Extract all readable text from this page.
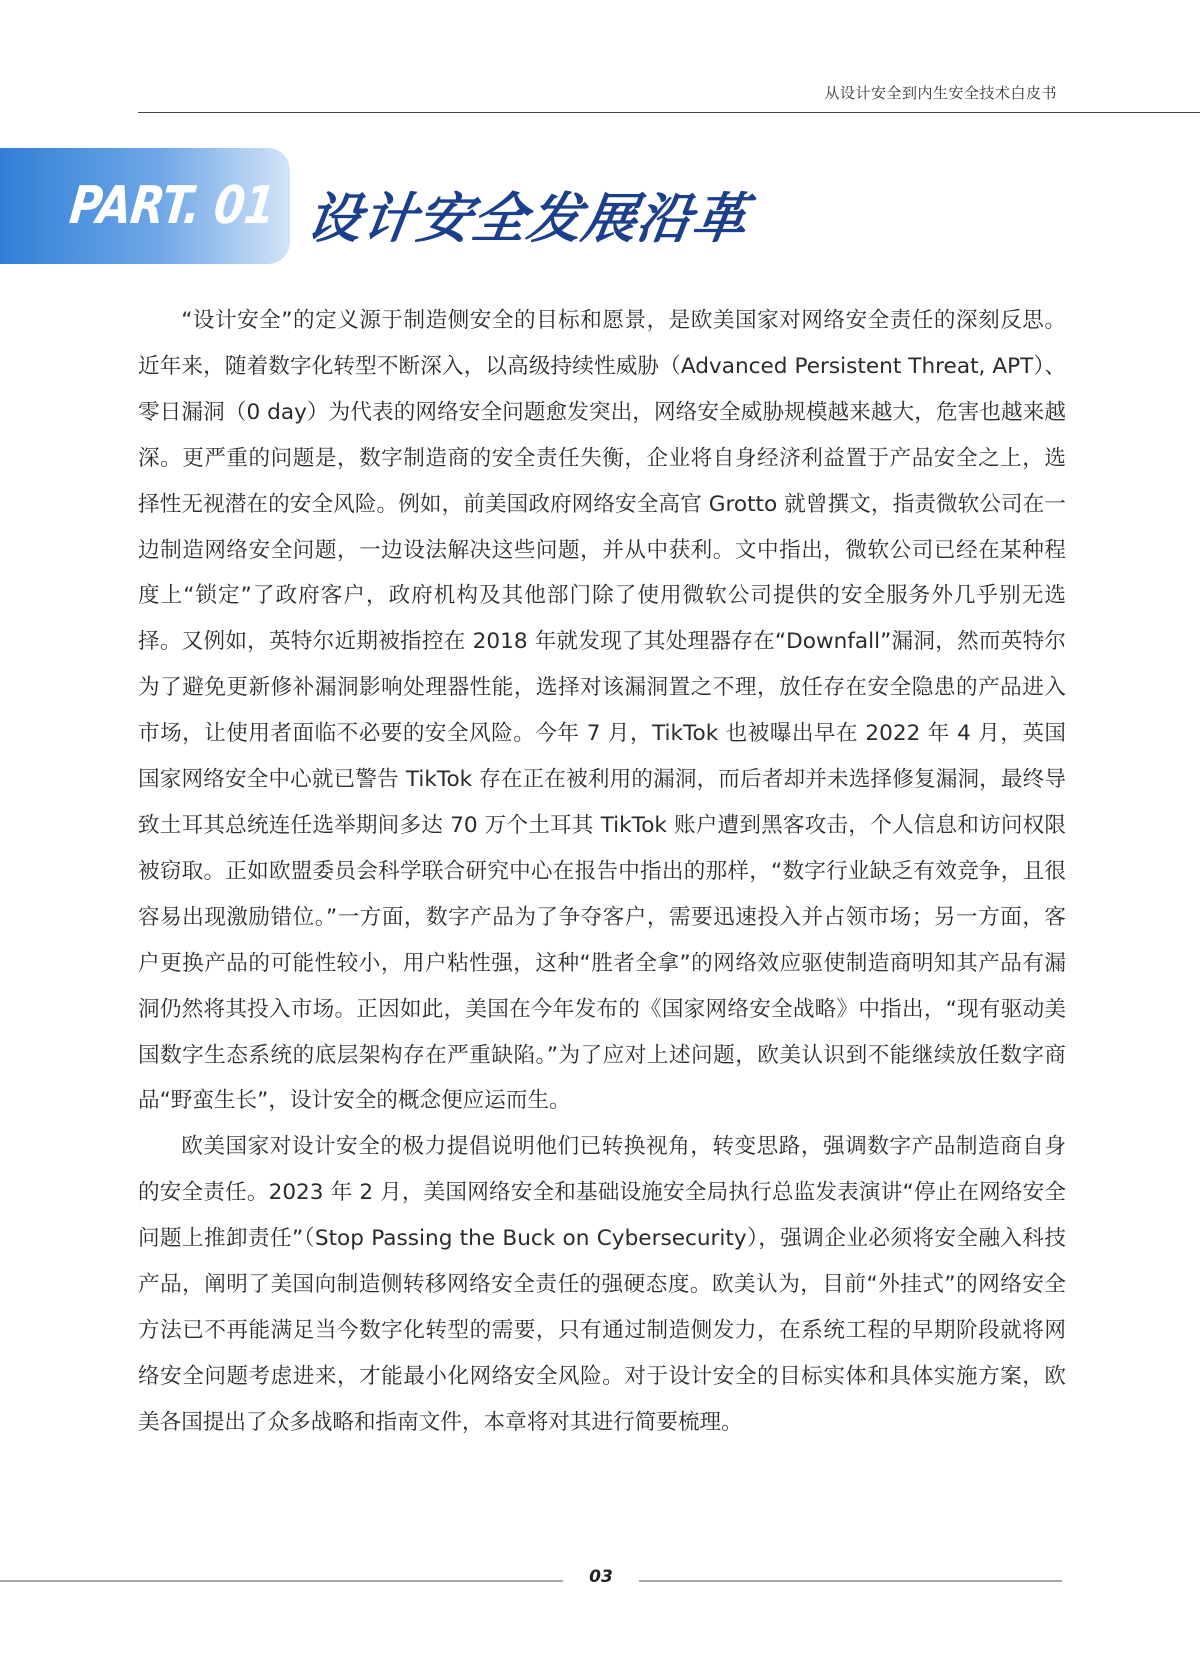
从设计安全到内生安全技术白皮书
PART. 01 设计安全发展沿革

“设计安全”的定义源于制造侧安全的目标和愿景，是欧美国家对网络安全责任的深刻反思。近年来，随着数字化转型不断深入，以高级持续性威胁（Advanced Persistent Threat, APT）、零日漏洞（0 day）为代表的网络安全问题愈发突出，网络安全威胁规模越来越大，危害也越来越深。更严重的问题是，数字制造商的安全责任失衡，企业将自身经济利益置于产品安全之上，选择性无视潜在的安全风险。例如，前美国政府网络安全高官 Grotto 就曾撰文，指责微软公司在一边制造网络安全问题，一边设法解决这些问题，并从中获利。文中指出，微软公司已经在某种程度上“锁定”了政府客户，政府机构及其他部门除了使用微软公司提供的安全服务外几乎别无选择。又例如，英特尔近期被指控在 2018 年就发现了其处理器存在“Downfall”漏洞，然而英特尔为了避免更新修补漏洞影响处理器性能，选择对该漏洞置之不理，放任存在安全隐患的产品进入市场，让使用者面临不必要的安全风险。今年 7 月，TikTok 也被曝出早在 2022 年 4 月，英国国家网络安全中心就已警告 TikTok 存在正在被利用的漏洞，而后者却并未选择修复漏洞，最终导致土耳其总统连任选举期间多达 70 万个土耳其 TikTok 账户遭到黑客攻击，个人信息和访问权限被窃取。正如欧盟委员会科学联合研究中心在报告中指出的那样，“数字行业缺乏有效竞争，且很容易出现激励错位。”一方面，数字产品为了争夺客户，需要迅速投入并占领市场；另一方面，客户更换产品的可能性较小，用户粘性强，这种“胜者全拿”的网络效应驱使制造商明知其产品有漏洞仍然将其投入市场。正因如此，美国在今年发布的《国家网络安全战略》中指出，“现有驱动美国数字生态系统的底层架构存在严重缺陷。”为了应对上述问题，欧美认识到不能继续放任数字商品“野蛮生长”，设计安全的概念便应运而生。

欧美国家对设计安全的极力提倡说明他们已转换视角，转变思路，强调数字产品制造商自身的安全责任。2023 年 2 月，美国网络安全和基础设施安全局执行总监发表演讲“停止在网络安全问题上推卸责任”（Stop Passing the Buck on Cybersecurity），强调企业必须将安全融入科技产品，阐明了美国向制造侧转移网络安全责任的强硬态度。欧美认为，目前“外挂式”的网络安全方法已不再能满足当今数字化转型的需要，只有通过制造侧发力，在系统工程的早期阶段就将网络安全问题考虑进来，才能最小化网络安全风险。对于设计安全的目标实体和具体实施方案，欧美各国提出了众多战略和指南文件，本章将对其进行简要梳理。

03
